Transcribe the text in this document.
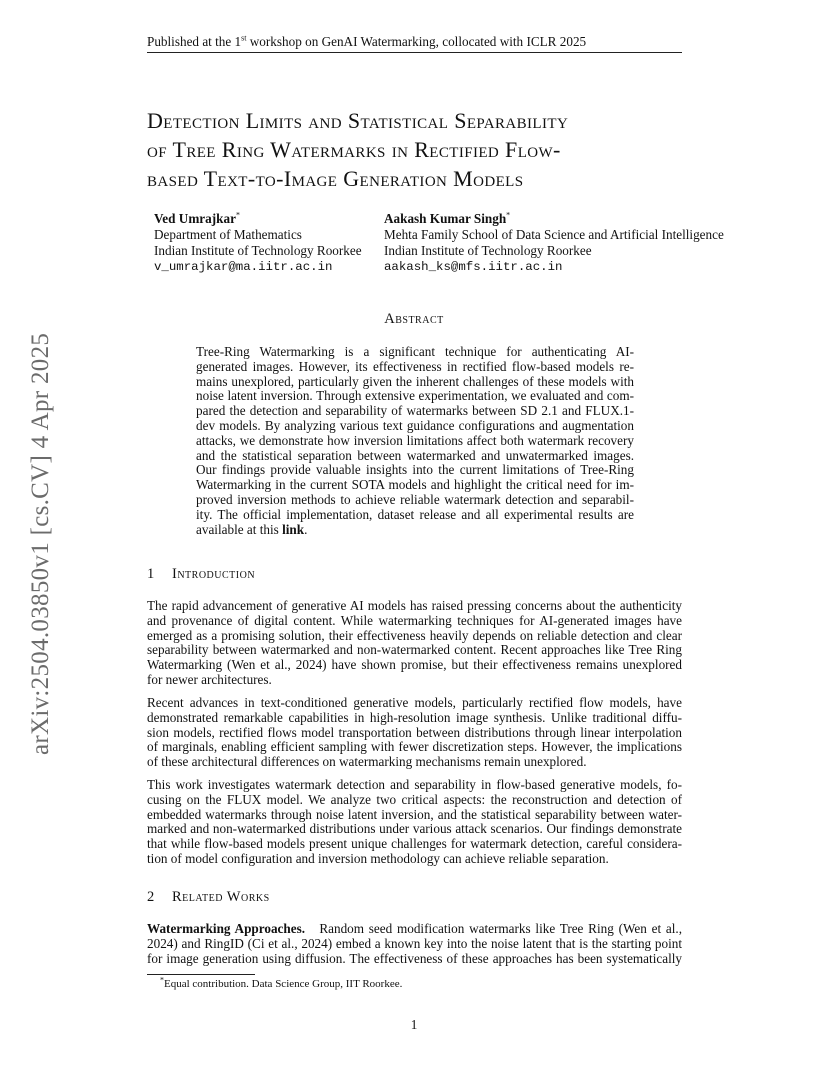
Published at the 1st workshop on GenAI Watermarking, collocated with ICLR 2025
arXiv:2504.03850v1 [cs.CV] 4 Apr 2025
Detection Limits and Statistical Separability
of Tree Ring Watermarks in Rectified Flow-
based Text-to-Image Generation Models
Ved Umrajkar*
Department of Mathematics
Indian Institute of Technology Roorkee
v_umrajkar@ma.iitr.ac.in
Aakash Kumar Singh*
Mehta Family School of Data Science and Artificial Intelligence
Indian Institute of Technology Roorkee
aakash_ks@mfs.iitr.ac.in
Abstract
Tree-Ring Watermarking is a significant technique for authenticating AI-
generated images. However, its effectiveness in rectified flow-based models re-
mains unexplored, particularly given the inherent challenges of these models with
noise latent inversion. Through extensive experimentation, we evaluated and com-
pared the detection and separability of watermarks between SD 2.1 and FLUX.1-
dev models. By analyzing various text guidance configurations and augmentation
attacks, we demonstrate how inversion limitations affect both watermark recovery
and the statistical separation between watermarked and unwatermarked images.
Our findings provide valuable insights into the current limitations of Tree-Ring
Watermarking in the current SOTA models and highlight the critical need for im-
proved inversion methods to achieve reliable watermark detection and separabil-
ity. The official implementation, dataset release and all experimental results are
available at this link.
1 Introduction
The rapid advancement of generative AI models has raised pressing concerns about the authenticity
and provenance of digital content. While watermarking techniques for AI-generated images have
emerged as a promising solution, their effectiveness heavily depends on reliable detection and clear
separability between watermarked and non-watermarked content. Recent approaches like Tree Ring
Watermarking (Wen et al., 2024) have shown promise, but their effectiveness remains unexplored
for newer architectures.
Recent advances in text-conditioned generative models, particularly rectified flow models, have
demonstrated remarkable capabilities in high-resolution image synthesis. Unlike traditional diffu-
sion models, rectified flows model transportation between distributions through linear interpolation
of marginals, enabling efficient sampling with fewer discretization steps. However, the implications
of these architectural differences on watermarking mechanisms remain unexplored.
This work investigates watermark detection and separability in flow-based generative models, fo-
cusing on the FLUX model. We analyze two critical aspects: the reconstruction and detection of
embedded watermarks through noise latent inversion, and the statistical separability between water-
marked and non-watermarked distributions under various attack scenarios. Our findings demonstrate
that while flow-based models present unique challenges for watermark detection, careful considera-
tion of model configuration and inversion methodology can achieve reliable separation.
2 Related Works
Watermarking Approaches. Random seed modification watermarks like Tree Ring (Wen et al.,
2024) and RingID (Ci et al., 2024) embed a known key into the noise latent that is the starting point
for image generation using diffusion. The effectiveness of these approaches has been systematically
*Equal contribution. Data Science Group, IIT Roorkee.
1
